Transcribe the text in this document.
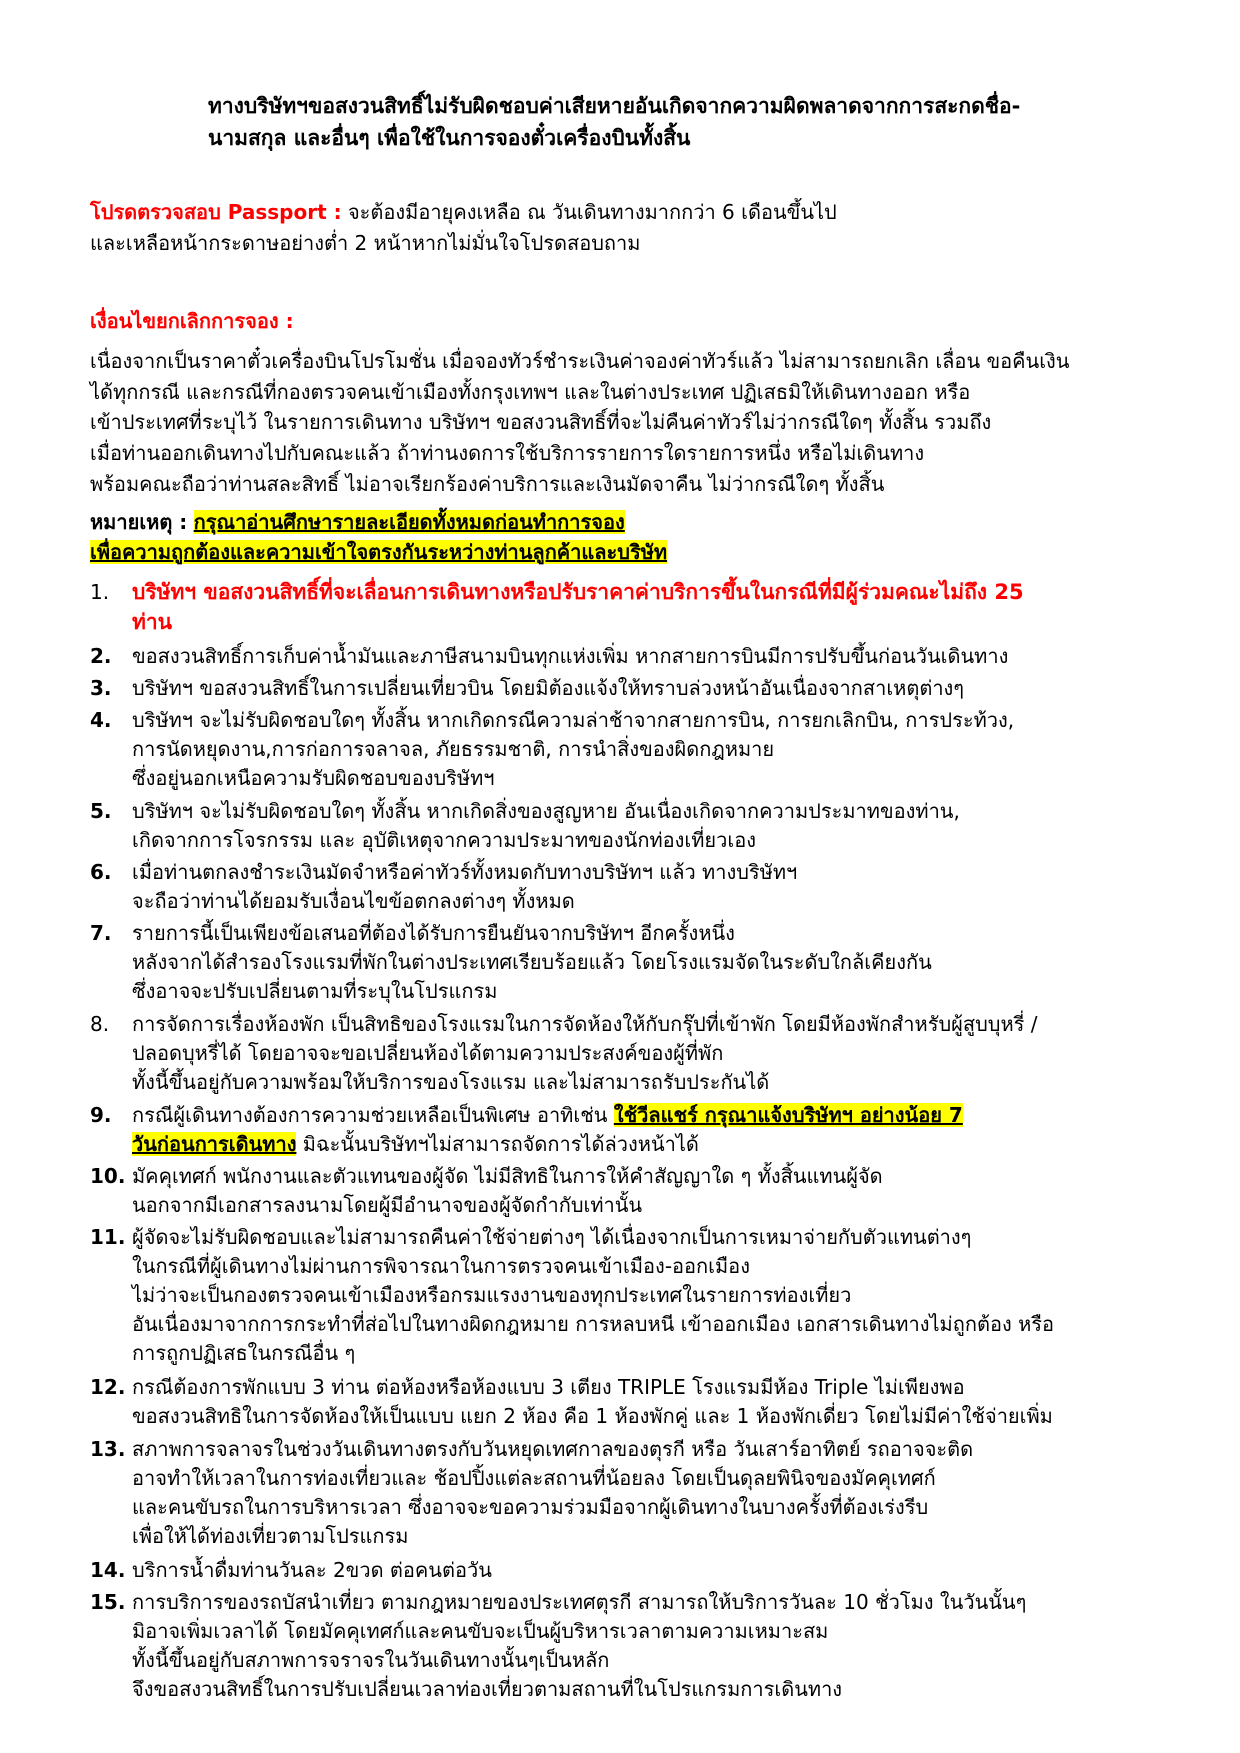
ทางบริษัทฯขอสงวนสิทธิ์ไม่รับผิดชอบค่าเสียหายอันเกิดจากความผิดพลาดจากการสะกดชื่อ-
นามสกุล และอื่นๆ เพื่อใช้ในการจองตั๋วเครื่องบินทั้งสิ้น
โปรดตรวจสอบ Passport : จะต้องมีอายุคงเหลือ ณ วันเดินทางมากกว่า 6 เดือนขึ้นไป
และเหลือหน้ากระดาษอย่างต่ำ 2 หน้าหากไม่มั่นใจโปรดสอบถาม
เงื่อนไขยกเลิกการจอง :
เนื่องจากเป็นราคาตั๋วเครื่องบินโปรโมชั่น เมื่อจองทัวร์ชำระเงินค่าจองค่าทัวร์แล้ว ไม่สามารถยกเลิก เลื่อน ขอคืนเงิน
ได้ทุกกรณี และกรณีที่กองตรวจคนเข้าเมืองทั้งกรุงเทพฯ และในต่างประเทศ ปฏิเสธมิให้เดินทางออก หรือ
เข้าประเทศที่ระบุไว้ ในรายการเดินทาง บริษัทฯ ขอสงวนสิทธิ์ที่จะไม่คืนค่าทัวร์ไม่ว่ากรณีใดๆ ทั้งสิ้น รวมถึง
เมื่อท่านออกเดินทางไปกับคณะแล้ว ถ้าท่านงดการใช้บริการรายการใดรายการหนึ่ง หรือไม่เดินทาง
พร้อมคณะถือว่าท่านสละสิทธิ์ ไม่อาจเรียกร้องค่าบริการและเงินมัดจาคืน ไม่ว่ากรณีใดๆ ทั้งสิ้น
หมายเหตุ : กรุณาอ่านศึกษารายละเอียดทั้งหมดก่อนทำการจอง
เพื่อความถูกต้องและความเข้าใจตรงกันระหว่างท่านลูกค้าและบริษัท
1. บริษัทฯ ขอสงวนสิทธิ์ที่จะเลื่อนการเดินทางหรือปรับราคาค่าบริการขึ้นในกรณีที่มีผู้ร่วมคณะไม่ถึง 25
ท่าน
2. ขอสงวนสิทธิ์การเก็บค่าน้ำมันและภาษีสนามบินทุกแห่งเพิ่ม หากสายการบินมีการปรับขึ้นก่อนวันเดินทาง
3. บริษัทฯ ขอสงวนสิทธิ์ในการเปลี่ยนเที่ยวบิน โดยมิต้องแจ้งให้ทราบล่วงหน้าอันเนื่องจากสาเหตุต่างๆ
4. บริษัทฯ จะไม่รับผิดชอบใดๆ ทั้งสิ้น หากเกิดกรณีความล่าช้าจากสายการบิน, การยกเลิกบิน, การประท้วง,
การนัดหยุดงาน,การก่อการจลาจล, ภัยธรรมชาติ, การนำสิ่งของผิดกฎหมาย
ซึ่งอยู่นอกเหนือความรับผิดชอบของบริษัทฯ
5. บริษัทฯ จะไม่รับผิดชอบใดๆ ทั้งสิ้น หากเกิดสิ่งของสูญหาย อันเนื่องเกิดจากความประมาทของท่าน,
เกิดจากการโจรกรรม และ อุบัติเหตุจากความประมาทของนักท่องเที่ยวเอง
6. เมื่อท่านตกลงชำระเงินมัดจำหรือค่าทัวร์ทั้งหมดกับทางบริษัทฯ แล้ว ทางบริษัทฯ
จะถือว่าท่านได้ยอมรับเงื่อนไขข้อตกลงต่างๆ ทั้งหมด
7. รายการนี้เป็นเพียงข้อเสนอที่ต้องได้รับการยืนยันจากบริษัทฯ อีกครั้งหนึ่ง
หลังจากได้สำรองโรงแรมที่พักในต่างประเทศเรียบร้อยแล้ว โดยโรงแรมจัดในระดับใกล้เคียงกัน
ซึ่งอาจจะปรับเปลี่ยนตามที่ระบุในโปรแกรม
8. การจัดการเรื่องห้องพัก เป็นสิทธิของโรงแรมในการจัดห้องให้กับกรุ๊ปที่เข้าพัก โดยมีห้องพักสำหรับผู้สูบบุหรี่ /
ปลอดบุหรี่ได้ โดยอาจจะขอเปลี่ยนห้องได้ตามความประสงค์ของผู้ที่พัก
ทั้งนี้ขึ้นอยู่กับความพร้อมให้บริการของโรงแรม และไม่สามารถรับประกันได้
9. กรณีผู้เดินทางต้องการความช่วยเหลือเป็นพิเศษ อาทิเช่น ใช้วีลแชร์ กรุณาแจ้งบริษัทฯ อย่างน้อย 7
วันก่อนการเดินทาง มิฉะนั้นบริษัทฯไม่สามารถจัดการได้ล่วงหน้าได้
10. มัคคุเทศก์ พนักงานและตัวแทนของผู้จัด ไม่มีสิทธิในการให้คำสัญญาใด ๆ ทั้งสิ้นแทนผู้จัด
นอกจากมีเอกสารลงนามโดยผู้มีอำนาจของผู้จัดกำกับเท่านั้น
11. ผู้จัดจะไม่รับผิดชอบและไม่สามารถคืนค่าใช้จ่ายต่างๆ ได้เนื่องจากเป็นการเหมาจ่ายกับตัวแทนต่างๆ
ในกรณีที่ผู้เดินทางไม่ผ่านการพิจารณาในการตรวจคนเข้าเมือง-ออกเมือง
ไม่ว่าจะเป็นกองตรวจคนเข้าเมืองหรือกรมแรงงานของทุกประเทศในรายการท่องเที่ยว
อันเนื่องมาจากการกระทำที่ส่อไปในทางผิดกฎหมาย การหลบหนี เข้าออกเมือง เอกสารเดินทางไม่ถูกต้อง หรือ
การถูกปฏิเสธในกรณีอื่น ๆ
12. กรณีต้องการพักแบบ 3 ท่าน ต่อห้องหรือห้องแบบ 3 เตียง TRIPLE โรงแรมมีห้อง Triple ไม่เพียงพอ
ขอสงวนสิทธิในการจัดห้องให้เป็นแบบ แยก 2 ห้อง คือ 1 ห้องพักคู่ และ 1 ห้องพักเดี่ยว โดยไม่มีค่าใช้จ่ายเพิ่ม
13. สภาพการจลาจรในช่วงวันเดินทางตรงกับวันหยุดเทศกาลของตุรกี หรือ วันเสาร์อาทิตย์ รถอาจจะติด
อาจทำให้เวลาในการท่องเที่ยวและ ช้อปปิ้งแต่ละสถานที่น้อยลง โดยเป็นดุลยพินิจของมัคคุเทศก์
และคนขับรถในการบริหารเวลา ซึ่งอาจจะขอความร่วมมือจากผู้เดินทางในบางครั้งที่ต้องเร่งรีบ
เพื่อให้ได้ท่องเที่ยวตามโปรแกรม
14. บริการน้ำดื่มท่านวันละ 2ขวด ต่อคนต่อวัน
15. การบริการของรถบัสนำเที่ยว ตามกฎหมายของประเทศตุรกี สามารถให้บริการวันละ 10 ชั่วโมง ในวันนั้นๆ
มิอาจเพิ่มเวลาได้ โดยมัคคุเทศก์และคนขับจะเป็นผู้บริหารเวลาตามความเหมาะสม
ทั้งนี้ขึ้นอยู่กับสภาพการจราจรในวันเดินทางนั้นๆเป็นหลัก
จึงขอสงวนสิทธิ์ในการปรับเปลี่ยนเวลาท่องเที่ยวตามสถานที่ในโปรแกรมการเดินทาง
